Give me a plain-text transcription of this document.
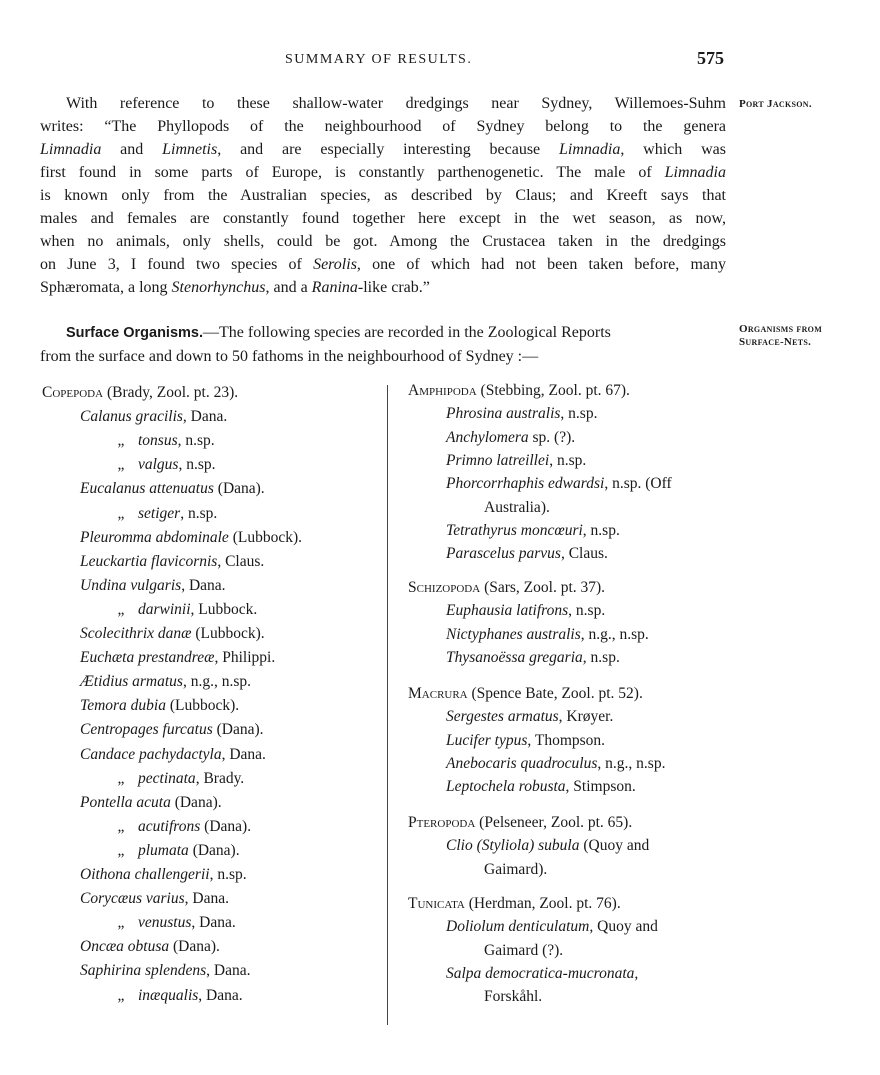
SUMMARY OF RESULTS.	575

Port Jackson.

Organisms from
Surface-Nets.
With reference to these shallow-water dredgings near Sydney, Willemoes-Suhm
writes: “The Phyllopods of the neighbourhood of Sydney belong to the genera
Limnadia and Limnetis, and are especially interesting because Limnadia, which was
first found in some parts of Europe, is constantly parthenogenetic. The male of Limnadia
is known only from the Australian species, as described by Claus; and Kreeft says that
males and females are constantly found together here except in the wet season, as now,
when no animals, only shells, could be got. Among the Crustacea taken in the dredgings
on June 3, I found two species of Serolis, one of which had not been taken before, many
Sphæromata, a long Stenorhynchus, and a Ranina-like crab.”
Surface Organisms.—The following species are recorded in the Zoological Reports
from the surface and down to 50 fathoms in the neighbourhood of Sydney :—
Copepoda (Brady, Zool. pt. 23).
Calanus gracilis, Dana.
„ tonsus, n.sp.
„ valgus, n.sp.
Eucalanus attenuatus (Dana).
„ setiger, n.sp.
Pleuromma abdominale (Lubbock).
Leuckartia flavicornis, Claus.
Undina vulgaris, Dana.
„ darwinii, Lubbock.
Scolecithrix danæ (Lubbock).
Euchæta prestandreæ, Philippi.
Ætidius armatus, n.g., n.sp.
Temora dubia (Lubbock).
Centropages furcatus (Dana).
Candace pachydactyla, Dana.
„ pectinata, Brady.
Pontella acuta (Dana).
„ acutifrons (Dana).
„ plumata (Dana).
Oithona challengerii, n.sp.
Corycæus varius, Dana.
„ venustus, Dana.
Oncæa obtusa (Dana).
Saphirina splendens, Dana.
„ inæqualis, Dana.
Amphipoda (Stebbing, Zool. pt. 67).
Phrosina australis, n.sp.
Anchylomera sp. (?).
Primno latreillei, n.sp.
Phorcorrhaphis edwardsi, n.sp. (Off
Australia).
Tetrathyrus moncœuri, n.sp.
Parascelus parvus, Claus.
Schizopoda (Sars, Zool. pt. 37).
Euphausia latifrons, n.sp.
Nictyphanes australis, n.g., n.sp.
Thysanoëssa gregaria, n.sp.
Macrura (Spence Bate, Zool. pt. 52).
Sergestes armatus, Krøyer.
Lucifer typus, Thompson.
Anebocaris quadroculus, n.g., n.sp.
Leptochela robusta, Stimpson.
Pteropoda (Pelseneer, Zool. pt. 65).
Clio (Styliola) subula (Quoy and
Gaimard).
Tunicata (Herdman, Zool. pt. 76).
Doliolum denticulatum, Quoy and
Gaimard (?).
Salpa democratica-mucronata,
Forskåhl.
